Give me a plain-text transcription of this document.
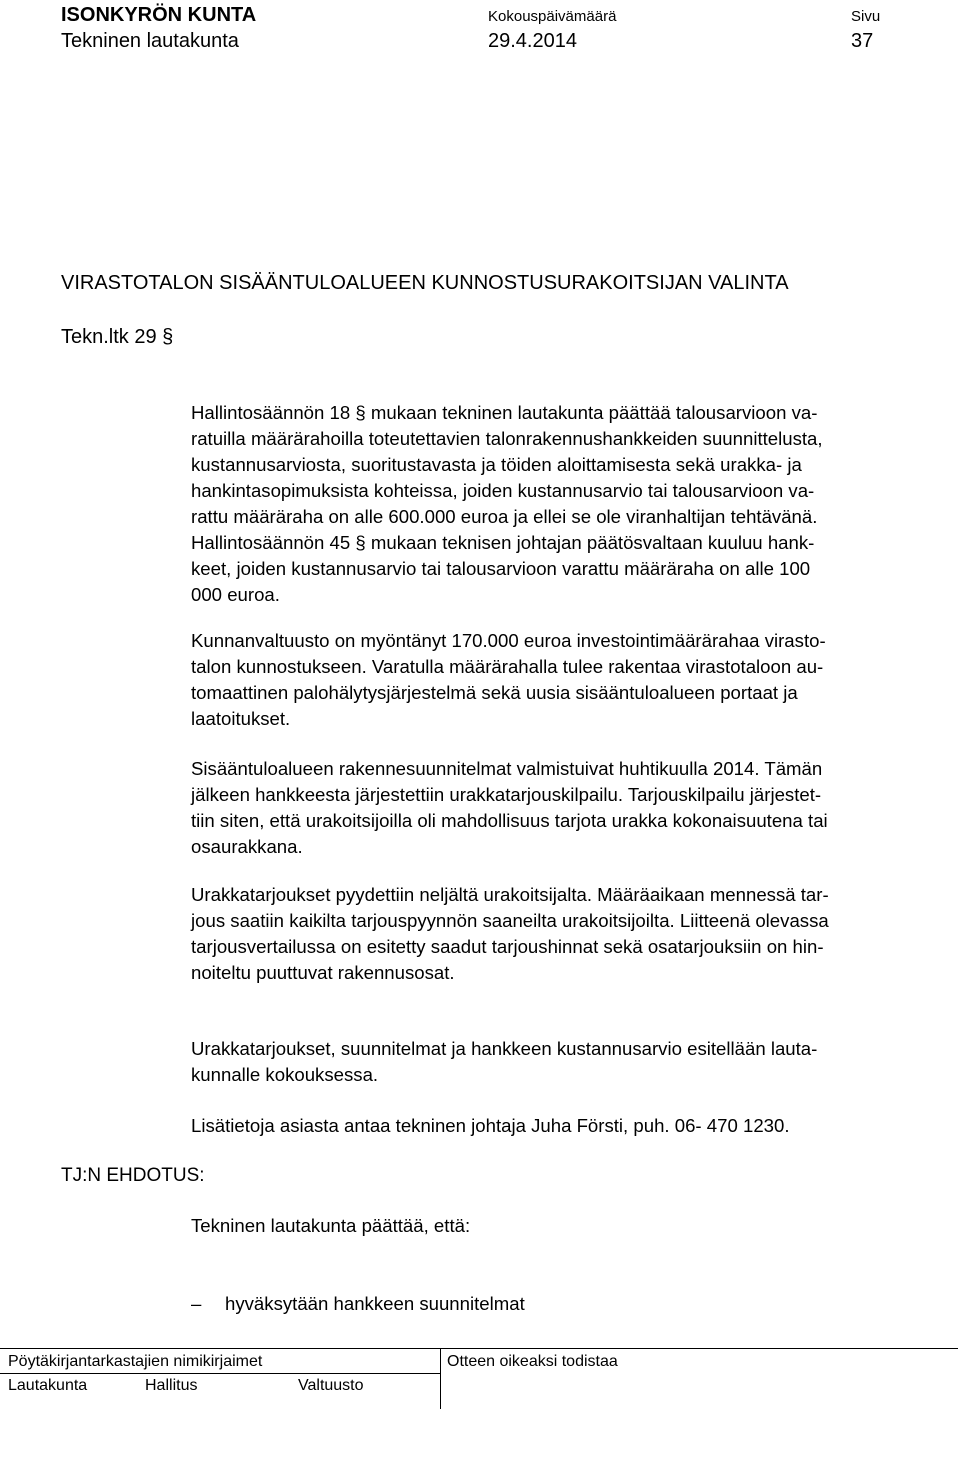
ISONKYRÖN KUNTA
Tekninen lautakunta
Kokouspäivämäärä
29.4.2014
Sivu
37
VIRASTOTALON SISÄÄNTULOALUEEN KUNNOSTUSURAKOITSIJAN VALINTA
Tekn.ltk 29 §

Hallintosäännön 18 § mukaan tekninen lautakunta päättää talousarvioon va-

ratuilla määrärahoilla toteutettavien talonrakennushankkeiden suunnittelusta,

kustannusarviosta, suoritustavasta ja töiden aloittamisesta sekä urakka- ja

hankintasopimuksista kohteissa, joiden kustannusarvio tai talousarvioon va-

rattu määräraha on alle 600.000 euroa ja ellei se ole viranhaltijan tehtävänä.

Hallintosäännön 45 § mukaan teknisen johtajan päätösvaltaan kuuluu hank-

keet, joiden kustannusarvio tai talousarvioon varattu määräraha on alle 100

000 euroa.

Kunnanvaltuusto on myöntänyt 170.000 euroa investointimäärärahaa virasto-

talon kunnostukseen. Varatulla määrärahalla tulee rakentaa virastotaloon au-

tomaattinen palohälytysjärjestelmä sekä uusia sisääntuloalueen portaat ja

laatoitukset.

Sisääntuloalueen rakennesuunnitelmat valmistuivat huhtikuulla 2014. Tämän

jälkeen hankkeesta järjestettiin urakkatarjouskilpailu. Tarjouskilpailu järjestet-

tiin siten, että urakoitsijoilla oli mahdollisuus tarjota urakka kokonaisuutena tai

osaurakkana.

Urakkatarjoukset pyydettiin neljältä urakoitsijalta. Määräaikaan mennessä tar-

jous saatiin kaikilta tarjouspyynnön saaneilta urakoitsijoilta. Liitteenä olevassa

tarjousvertailussa on esitetty saadut tarjoushinnat sekä osatarjouksiin on hin-

noiteltu puuttuvat rakennusosat.

Urakkatarjoukset, suunnitelmat ja hankkeen kustannusarvio esitellään lauta-

kunnalle kokouksessa.

Lisätietoja asiasta antaa tekninen johtaja Juha Försti, puh. 06- 470 1230.

TJ:N EHDOTUS:
Tekninen lautakunta päättää, että:
– hyväksytään hankkeen suunnitelmat
Pöytäkirjantarkastajien nimikirjaimet
Lautakunta	Hallitus	Valtuusto
Otteen oikeaksi todistaa
